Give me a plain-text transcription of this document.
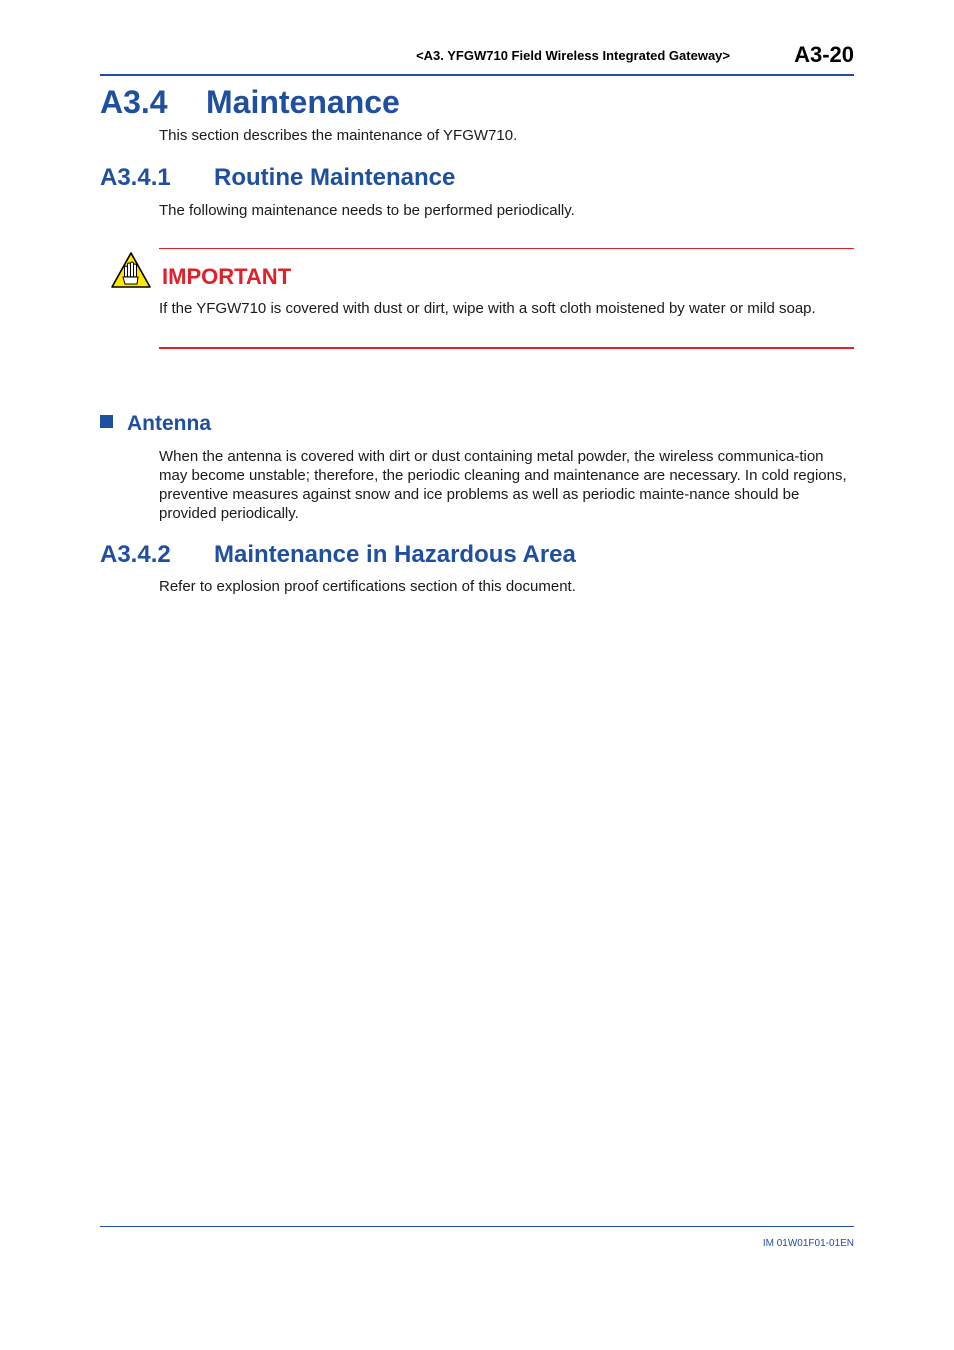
<A3. YFGW710 Field Wireless Integrated Gateway>	A3-20
A3.4 Maintenance
This section describes the maintenance of YFGW710.
A3.4.1 Routine Maintenance
The following maintenance needs to be performed periodically.
IMPORTANT
If the YFGW710 is covered with dust or dirt, wipe with a soft cloth moistened by water or mild soap.
Antenna
When the antenna is covered with dirt or dust containing metal powder, the wireless communica-tion may become unstable; therefore, the periodic cleaning and maintenance are necessary. In cold regions, preventive measures against snow and ice problems as well as periodic mainte-nance should be provided periodically.
A3.4.2 Maintenance in Hazardous Area
Refer to explosion proof certifications section of this document.
IM 01W01F01-01EN
